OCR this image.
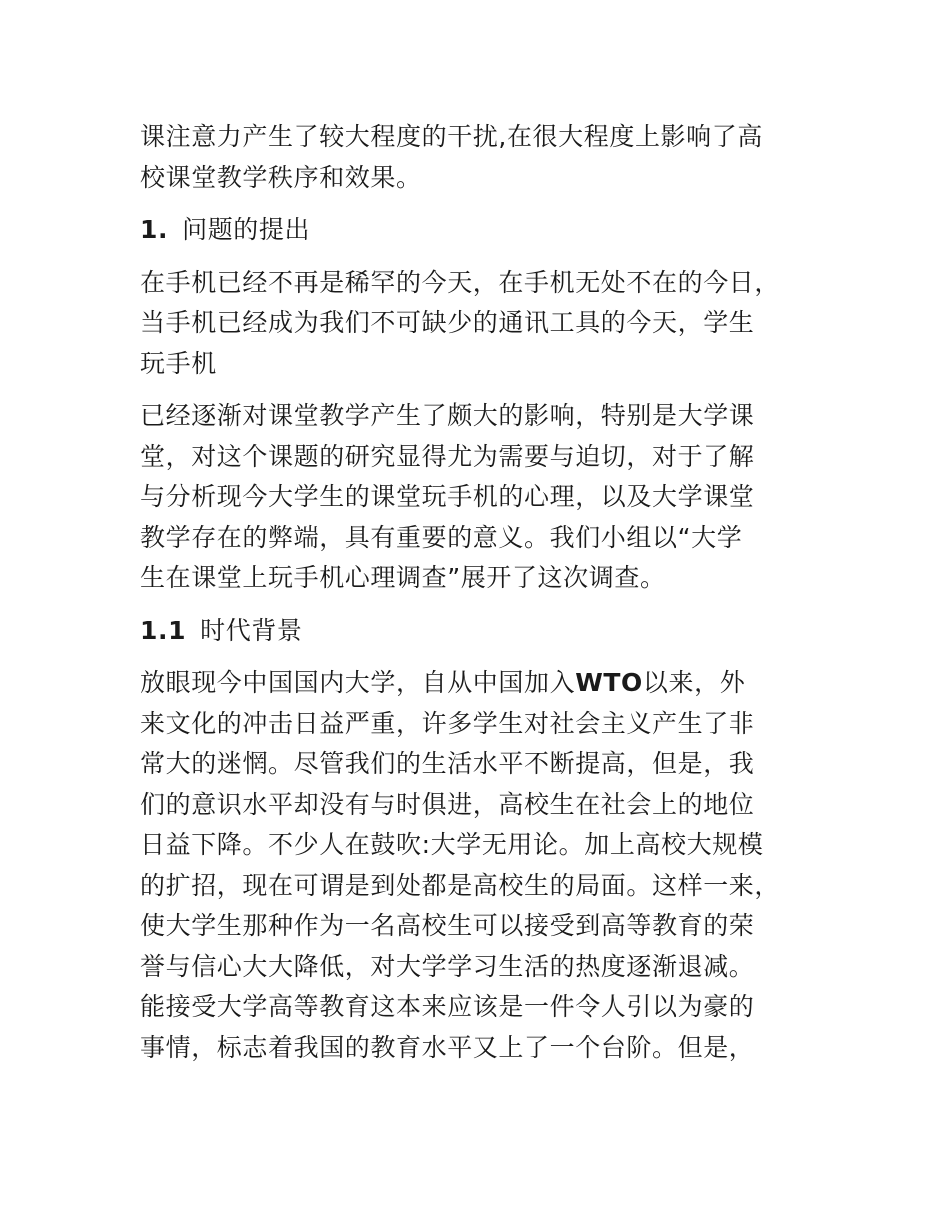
课注意力产生了较大程度的干扰,在很大程度上影响了高
校课堂教学秩序和效果。

1. 问题的提出

在手机已经不再是稀罕的今天，在手机无处不在的今日，
当手机已经成为我们不可缺少的通讯工具的今天，学生
玩手机

已经逐渐对课堂教学产生了颇大的影响，特别是大学课
堂，对这个课题的研究显得尤为需要与迫切，对于了解
与分析现今大学生的课堂玩手机的心理，以及大学课堂
教学存在的弊端，具有重要的意义。我们小组以“大学
生在课堂上玩手机心理调查”展开了这次调查。

1.1 时代背景

放眼现今中国国内大学，自从中国加入WTO以来，外
来文化的冲击日益严重，许多学生对社会主义产生了非
常大的迷惘。尽管我们的生活水平不断提高，但是，我
们的意识水平却没有与时俱进，高校生在社会上的地位
日益下降。不少人在鼓吹:大学无用论。加上高校大规模
的扩招，现在可谓是到处都是高校生的局面。这样一来，
使大学生那种作为一名高校生可以接受到高等教育的荣
誉与信心大大降低，对大学学习生活的热度逐渐退减。
能接受大学高等教育这本来应该是一件令人引以为豪的
事情，标志着我国的教育水平又上了一个台阶。但是，
